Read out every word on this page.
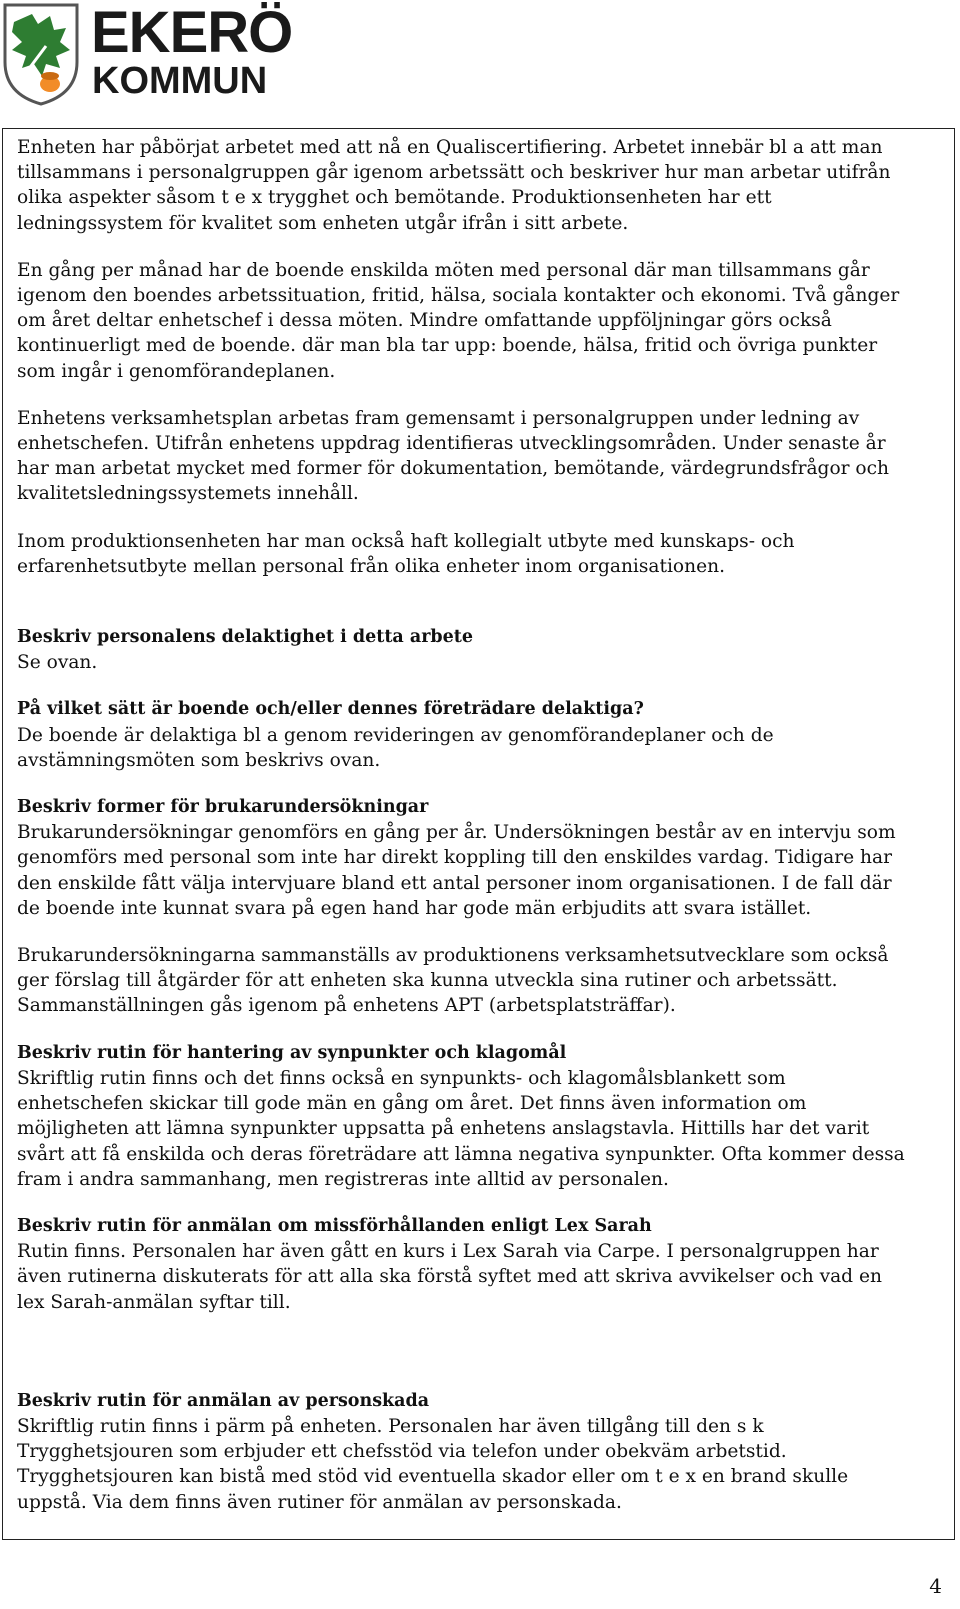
EKERÖ
KOMMUN

Enheten har påbörjat arbetet med att nå en Qualiscertifiering. Arbetet innebär bl a att man
tillsammans i personalgruppen går igenom arbetssätt och beskriver hur man arbetar utifrån
olika aspekter såsom t e x trygghet och bemötande. Produktionsenheten har ett
ledningssystem för kvalitet som enheten utgår ifrån i sitt arbete.

En gång per månad har de boende enskilda möten med personal där man tillsammans går
igenom den boendes arbetssituation, fritid, hälsa, sociala kontakter och ekonomi. Två gånger
om året deltar enhetschef i dessa möten. Mindre omfattande uppföljningar görs också
kontinuerligt med de boende. där man bla tar upp: boende, hälsa, fritid och övriga punkter
som ingår i genomförandeplanen.

Enhetens verksamhetsplan arbetas fram gemensamt i personalgruppen under ledning av
enhetschefen. Utifrån enhetens uppdrag identifieras utvecklingsområden. Under senaste år
har man arbetat mycket med former för dokumentation, bemötande, värdegrundsfrågor och
kvalitetsledningssystemets innehåll.

Inom produktionsenheten har man också haft kollegialt utbyte med kunskaps- och
erfarenhetsutbyte mellan personal från olika enheter inom organisationen.

Beskriv personalens delaktighet i detta arbete

Se ovan.

På vilket sätt är boende och/eller dennes företrädare delaktiga?

De boende är delaktiga bl a genom revideringen av genomförandeplaner och de
avstämningsmöten som beskrivs ovan.

Beskriv former för brukarundersökningar

Brukarundersökningar genomförs en gång per år. Undersökningen består av en intervju som
genomförs med personal som inte har direkt koppling till den enskildes vardag. Tidigare har
den enskilde fått välja intervjuare bland ett antal personer inom organisationen. I de fall där
de boende inte kunnat svara på egen hand har gode män erbjudits att svara istället.

Brukarundersökningarna sammanställs av produktionens verksamhetsutvecklare som också
ger förslag till åtgärder för att enheten ska kunna utveckla sina rutiner och arbetssätt.
Sammanställningen gås igenom på enhetens APT (arbetsplatsträffar).

Beskriv rutin för hantering av synpunkter och klagomål

Skriftlig rutin finns och det finns också en synpunkts- och klagomålsblankett som
enhetschefen skickar till gode män en gång om året. Det finns även information om
möjligheten att lämna synpunkter uppsatta på enhetens anslagstavla. Hittills har det varit
svårt att få enskilda och deras företrädare att lämna negativa synpunkter. Ofta kommer dessa
fram i andra sammanhang, men registreras inte alltid av personalen.

Beskriv rutin för anmälan om missförhållanden enligt Lex Sarah

Rutin finns. Personalen har även gått en kurs i Lex Sarah via Carpe. I personalgruppen har
även rutinerna diskuterats för att alla ska förstå syftet med att skriva avvikelser och vad en
lex Sarah-anmälan syftar till.

Beskriv rutin för anmälan av personskada

Skriftlig rutin finns i pärm på enheten. Personalen har även tillgång till den s k
Trygghetsjouren som erbjuder ett chefsstöd via telefon under obekväm arbetstid.
Trygghetsjouren kan bistå med stöd vid eventuella skador eller om t e x en brand skulle
uppstå. Via dem finns även rutiner för anmälan av personskada.

4
